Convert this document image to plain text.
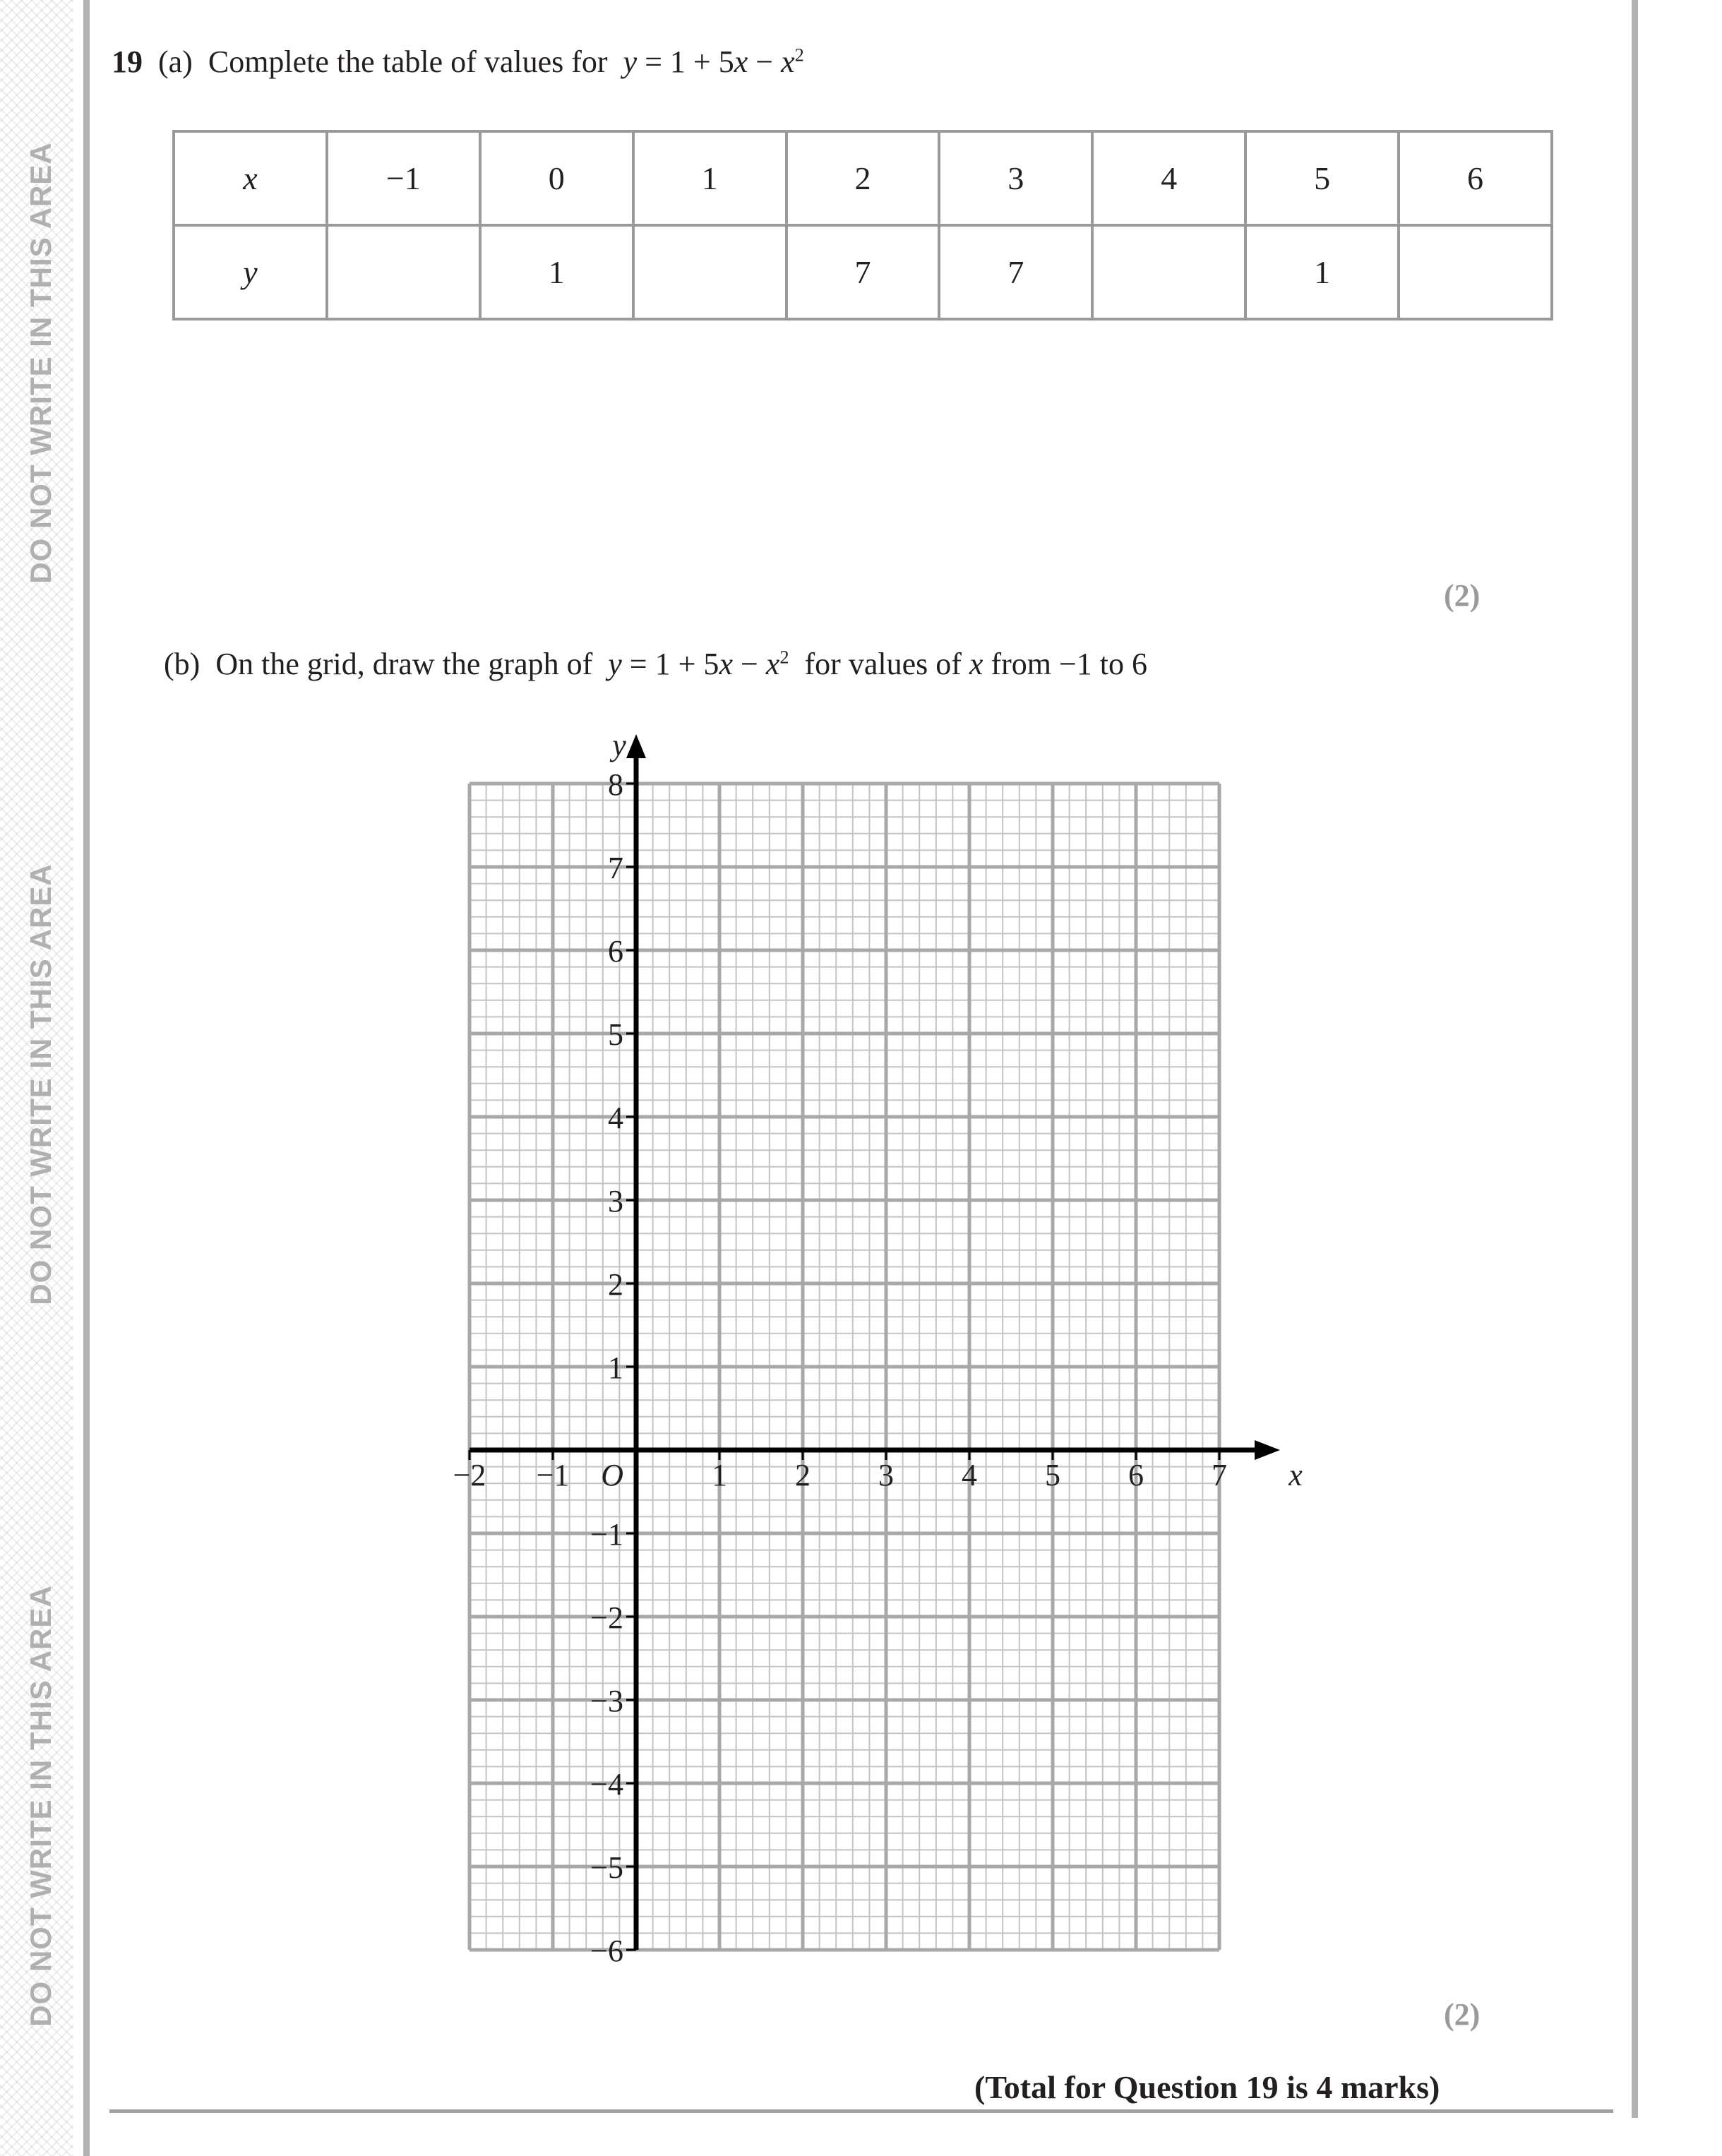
DO NOT WRITE IN THIS AREA
DO NOT WRITE IN THIS AREA
DO NOT WRITE IN THIS AREA
19 (a) Complete the table of values for $y = 1 + 5x - x^2$
x	−1	0	1	2	3	4	5	6
y		1		7	7		1	
(2)
(b) On the grid, draw the graph of $y = 1 + 5x - x^2$ for values of x from −1 to 6
−2 −1	1 2 3 4 5 6 7
8
7
6
5
4
3
2
1
−1
−2
−3
−4
−5
−6
O	x
y
(2)
(Total for Question 19 is 4 marks)
